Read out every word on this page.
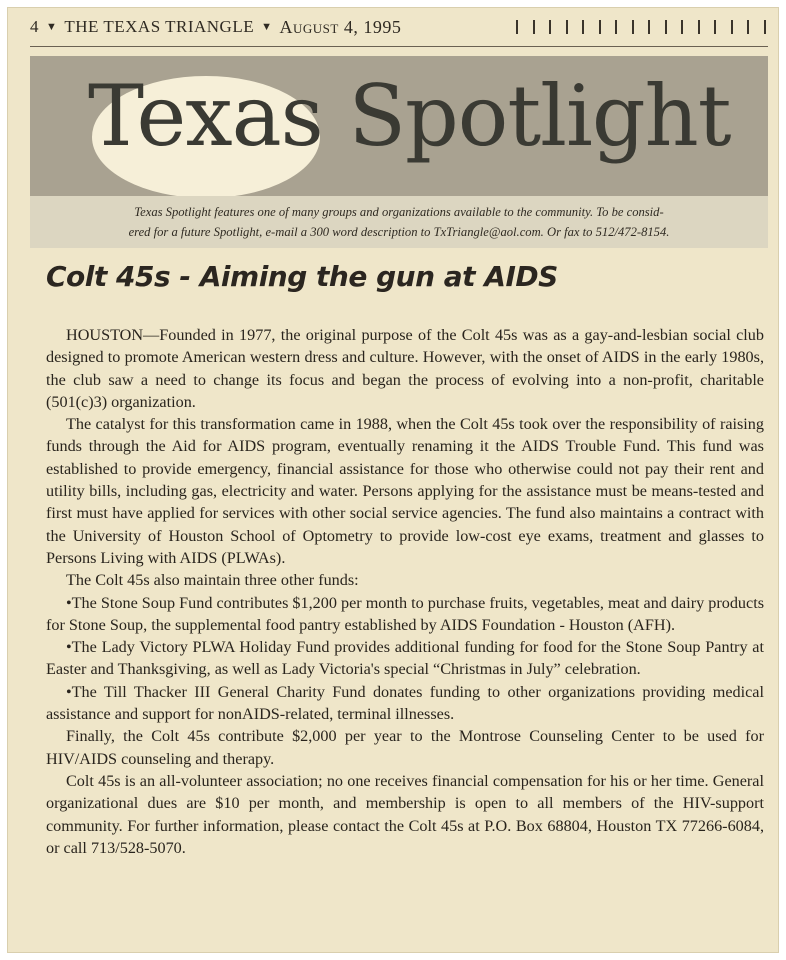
4 ▼ THE TEXAS TRIANGLE ▼ August 4, 1995
Texas Spotlight
Texas Spotlight features one of many groups and organizations available to the community. To be consid-
ered for a future Spotlight, e-mail a 300 word description to TxTriangle@aol.com. Or fax to 512/472-8154.
Colt 45s - Aiming the gun at AIDS

HOUSTON—Founded in 1977, the original purpose of the Colt 45s was as a gay-and-lesbian social club designed to promote American western dress and culture. However, with the onset of AIDS in the early 1980s, the club saw a need to change its focus and began the process of evolving into a non-profit, charitable (501(c)3) organization.

The catalyst for this transformation came in 1988, when the Colt 45s took over the responsibility of raising funds through the Aid for AIDS program, eventually renaming it the AIDS Trouble Fund. This fund was established to provide emergency, financial assistance for those who otherwise could not pay their rent and utility bills, including gas, electricity and water. Persons applying for the assistance must be means-tested and first must have applied for services with other social service agencies. The fund also maintains a contract with the University of Houston School of Optometry to provide low-cost eye exams, treatment and glasses to Persons Living with AIDS (PLWAs).

The Colt 45s also maintain three other funds:

•The Stone Soup Fund contributes $1,200 per month to purchase fruits, vegetables, meat and dairy products for Stone Soup, the supplemental food pantry established by AIDS Foundation - Houston (AFH).

•The Lady Victory PLWA Holiday Fund provides additional funding for food for the Stone Soup Pantry at Easter and Thanksgiving, as well as Lady Victoria's special “Christmas in July” celebration.

•The Till Thacker III General Charity Fund donates funding to other organizations providing medical assistance and support for nonAIDS-related, terminal illnesses.

Finally, the Colt 45s contribute $2,000 per year to the Montrose Counseling Center to be used for HIV/AIDS counseling and therapy.

Colt 45s is an all-volunteer association; no one receives financial compensation for his or her time. General organizational dues are $10 per month, and membership is open to all members of the HIV-support community. For further information, please contact the Colt 45s at P.O. Box 68804, Houston TX 77266-6084, or call 713/528-5070.
